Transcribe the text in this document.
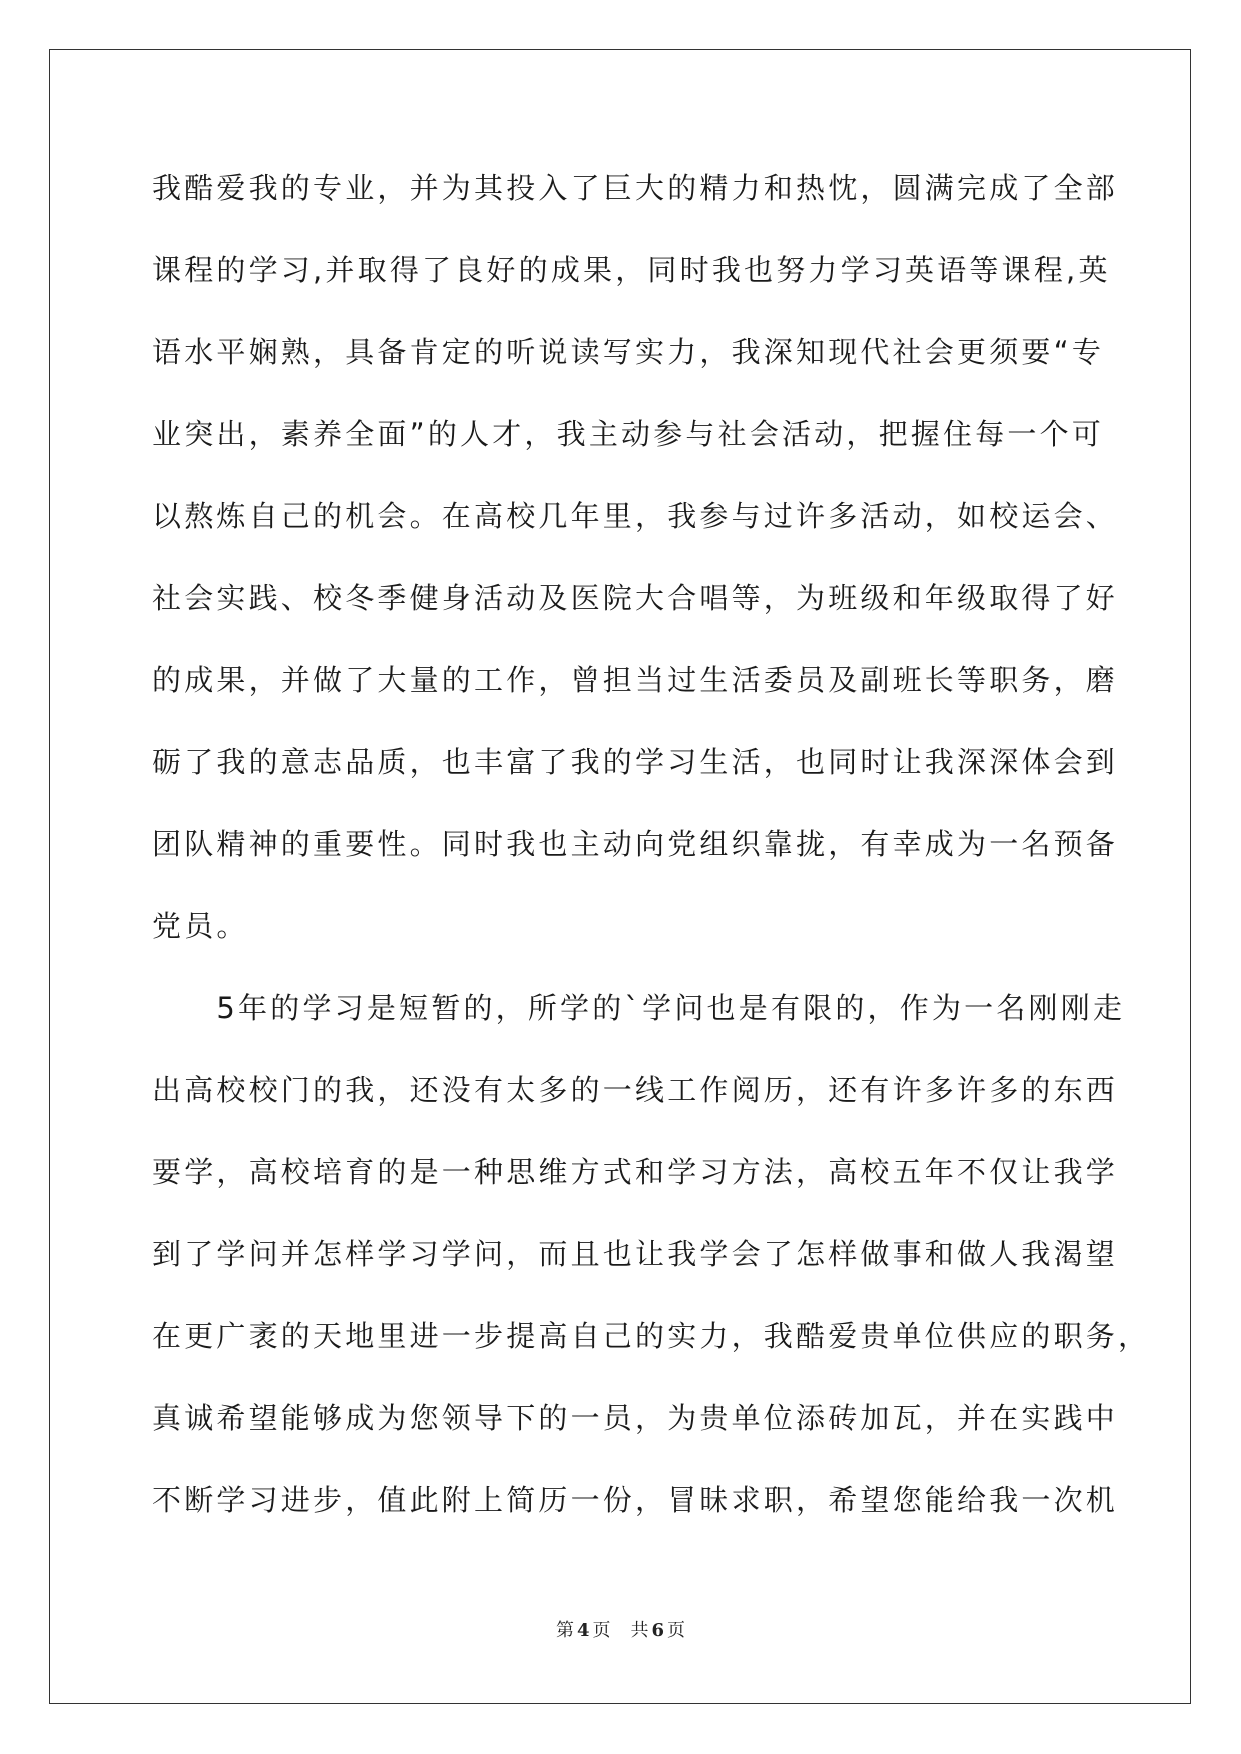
我酷爱我的专业，并为其投入了巨大的精力和热忱，圆满完成了全部
课程的学习,并取得了良好的成果，同时我也努力学习英语等课程,英
语水平娴熟，具备肯定的听说读写实力，我深知现代社会更须要“专
业突出，素养全面”的人才，我主动参与社会活动，把握住每一个可
以熬炼自己的机会。在高校几年里，我参与过许多活动，如校运会、
社会实践、校冬季健身活动及医院大合唱等，为班级和年级取得了好
的成果，并做了大量的工作，曾担当过生活委员及副班长等职务，磨
砺了我的意志品质，也丰富了我的学习生活，也同时让我深深体会到
团队精神的重要性。同时我也主动向党组织靠拢，有幸成为一名预备
党员。
　　5年的学习是短暂的，所学的`学问也是有限的，作为一名刚刚走
出高校校门的我，还没有太多的一线工作阅历，还有许多许多的东西
要学，高校培育的是一种思维方式和学习方法，高校五年不仅让我学
到了学问并怎样学习学问，而且也让我学会了怎样做事和做人我渴望
在更广袤的天地里进一步提高自己的实力，我酷爱贵单位供应的职务，
真诚希望能够成为您领导下的一员，为贵单位添砖加瓦，并在实践中
不断学习进步，值此附上简历一份，冒昧求职，希望您能给我一次机
第 4 页 共 6 页
